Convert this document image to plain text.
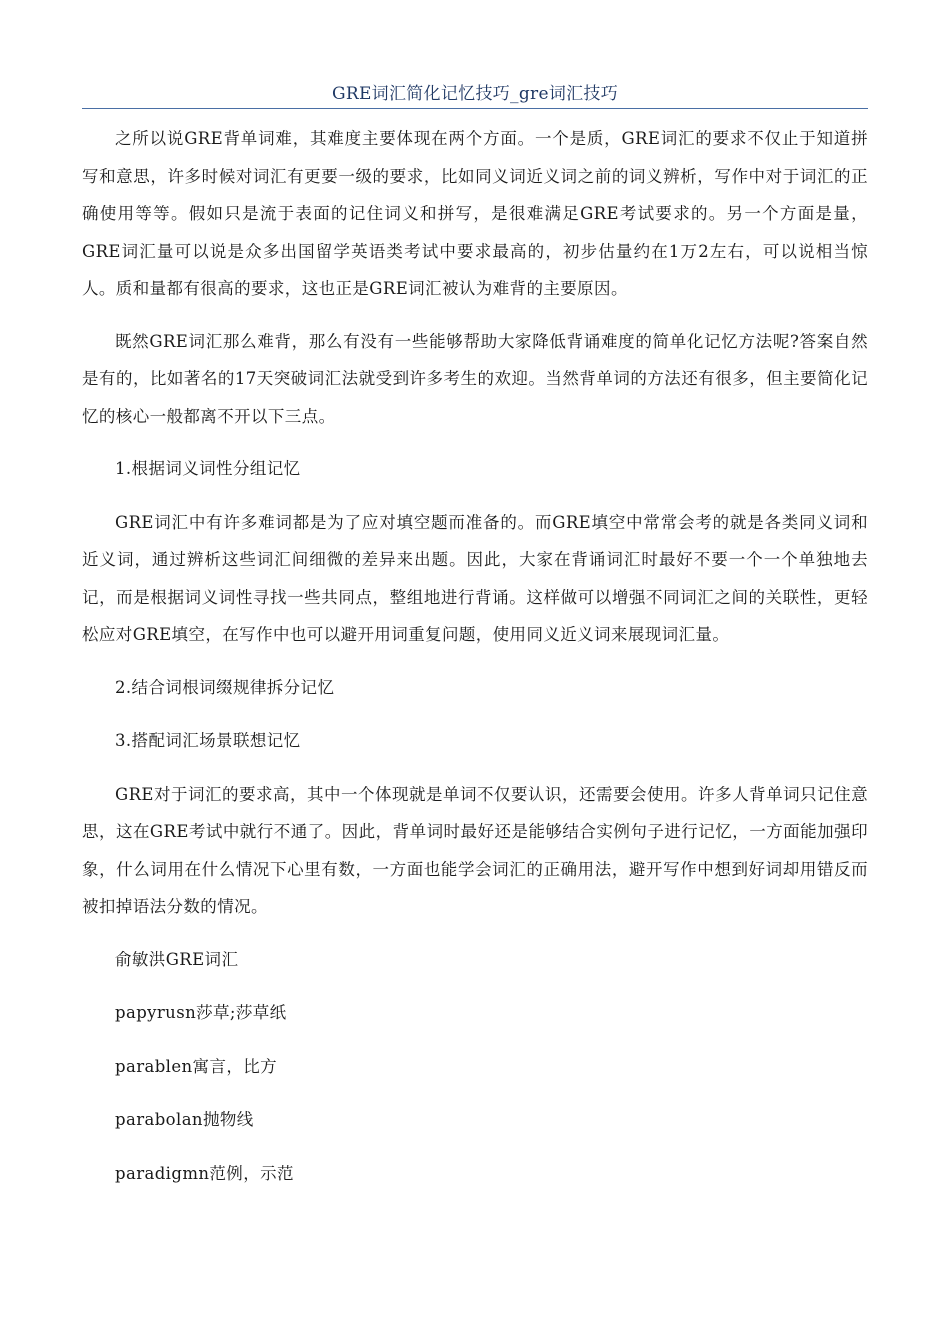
GRE词汇简化记忆技巧_gre词汇技巧

之所以说GRE背单词难，其难度主要体现在两个方面。一个是质，GRE词汇的要求不仅止于知道拼写和意思，许多时候对词汇有更要一级的要求，比如同义词近义词之前的词义辨析，写作中对于词汇的正确使用等等。假如只是流于表面的记住词义和拼写，是很难满足GRE考试要求的。另一个方面是量，GRE词汇量可以说是众多出国留学英语类考试中要求最高的，初步估量约在1万2左右，可以说相当惊人。质和量都有很高的要求，这也正是GRE词汇被认为难背的主要原因。

既然GRE词汇那么难背，那么有没有一些能够帮助大家降低背诵难度的简单化记忆方法呢?答案自然是有的，比如著名的17天突破词汇法就受到许多考生的欢迎。当然背单词的方法还有很多，但主要简化记忆的核心一般都离不开以下三点。

1.根据词义词性分组记忆

GRE词汇中有许多难词都是为了应对填空题而准备的。而GRE填空中常常会考的就是各类同义词和近义词，通过辨析这些词汇间细微的差异来出题。因此，大家在背诵词汇时最好不要一个一个单独地去记，而是根据词义词性寻找一些共同点，整组地进行背诵。这样做可以增强不同词汇之间的关联性，更轻松应对GRE填空，在写作中也可以避开用词重复问题，使用同义近义词来展现词汇量。

2.结合词根词缀规律拆分记忆

3.搭配词汇场景联想记忆

GRE对于词汇的要求高，其中一个体现就是单词不仅要认识，还需要会使用。许多人背单词只记住意思，这在GRE考试中就行不通了。因此，背单词时最好还是能够结合实例句子进行记忆，一方面能加强印象，什么词用在什么情况下心里有数，一方面也能学会词汇的正确用法，避开写作中想到好词却用错反而被扣掉语法分数的情况。

俞敏洪GRE词汇

papyrusn莎草;莎草纸

parablen寓言，比方

parabolan抛物线

paradigmn范例，示范
